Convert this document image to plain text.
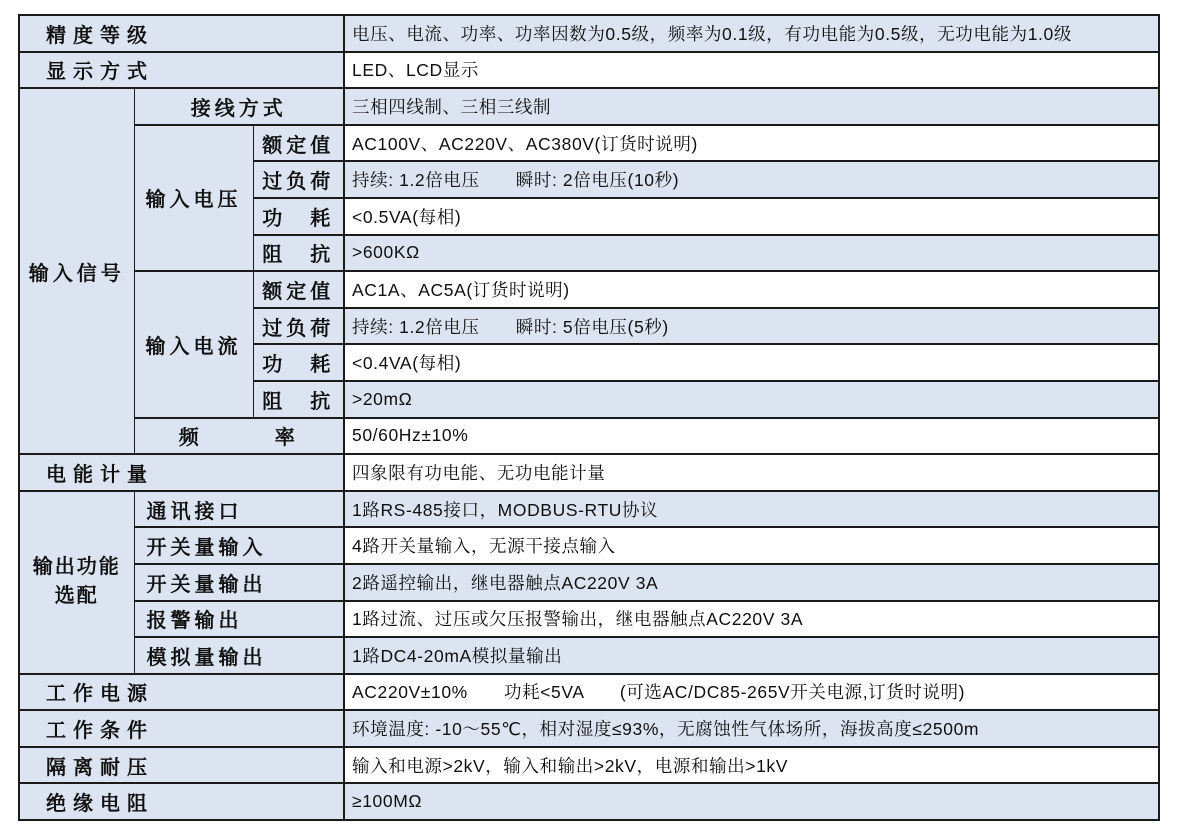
精度等级			电压、电流、功率、功率因数为0.5级，频率为0.1级，有功电能为0.5级，无功电能为1.0级
显示方式			LED、LCD显示
输入信号	接线方式		三相四线制、三相三线制
	输入电压	额定值	AC100V、AC220V、AC380V(订货时说明)
		过负荷	持续: 1.2倍电压　　瞬时: 2倍电压(10秒)
		功　耗	<0.5VA(每相)
		阻　抗	>600KΩ
	输入电流	额定值	AC1A、AC5A(订货时说明)
		过负荷	持续: 1.2倍电压　　瞬时: 5倍电压(5秒)
		功　耗	<0.4VA(每相)
		阻　抗	>20mΩ
	频　　　率		50/60Hz±10%
电能计量			四象限有功电能、无功电能计量
输出功能
选配	通讯接口		1路RS-485接口，MODBUS-RTU协议
	开关量输入		4路开关量输入，无源干接点输入
	开关量输出		2路遥控输出，继电器触点AC220V 3A
	报警输出		1路过流、过压或欠压报警输出，继电器触点AC220V 3A
	模拟量输出		1路DC4-20mA模拟量输出
工作电源			AC220V±10%　　功耗<5VA　　(可选AC/DC85-265V开关电源,订货时说明)
工作条件			环境温度: -10～55℃，相对湿度≤93%，无腐蚀性气体场所，海拔高度≤2500m
隔离耐压			输入和电源>2kV，输入和输出>2kV，电源和输出>1kV
绝缘电阻			≥100MΩ
